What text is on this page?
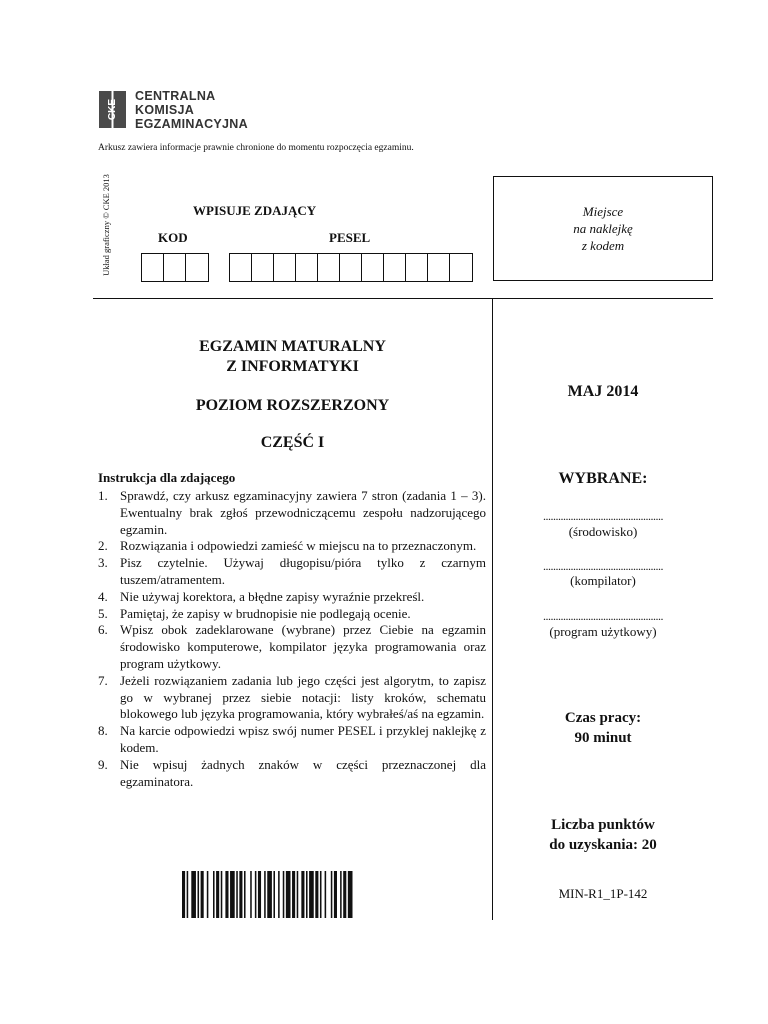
CKE
CENTRALNA
KOMISJA
EGZAMINACYJNA
Arkusz zawiera informacje prawnie chronione do momentu rozpoczęcia egzaminu.
Układ graficzny © CKE 2013	WPISUJE ZDAJĄCY
KOD	PESEL
Miejsce
na naklejkę
z kodem
EGZAMIN MATURALNY
Z INFORMATYKI
POZIOM ROZSZERZONY
CZĘŚĆ I
Instrukcja dla zdającego
1. Sprawdź, czy arkusz egzaminacyjny zawiera 7 stron (zadania 1 – 3). Ewentualny brak zgłoś przewodniczącemu zespołu nadzorującego egzamin.
2. Rozwiązania i odpowiedzi zamieść w miejscu na to przeznaczonym.
3. Pisz czytelnie. Używaj długopisu/pióra tylko z czarnym tuszem/atramentem.
4. Nie używaj korektora, a błędne zapisy wyraźnie przekreśl.
5. Pamiętaj, że zapisy w brudnopisie nie podlegają ocenie.
6. Wpisz obok zadeklarowane (wybrane) przez Ciebie na egzamin środowisko komputerowe, kompilator języka programowania oraz program użytkowy.
7. Jeżeli rozwiązaniem zadania lub jego części jest algorytm, to zapisz go w wybranej przez siebie notacji: listy kroków, schematu blokowego lub języka programowania, który wybrałeś/aś na egzamin.
8. Na karcie odpowiedzi wpisz swój numer PESEL i przyklej naklejkę z kodem.
9. Nie wpisuj żadnych znaków w części przeznaczonej dla egzaminatora.
MAJ 2014
WYBRANE:
................................................
(środowisko)
................................................
(kompilator)
................................................
(program użytkowy)
Czas pracy:
90 minut
Liczba punktów
do uzyskania: 20
MIN-R1_1P-142
